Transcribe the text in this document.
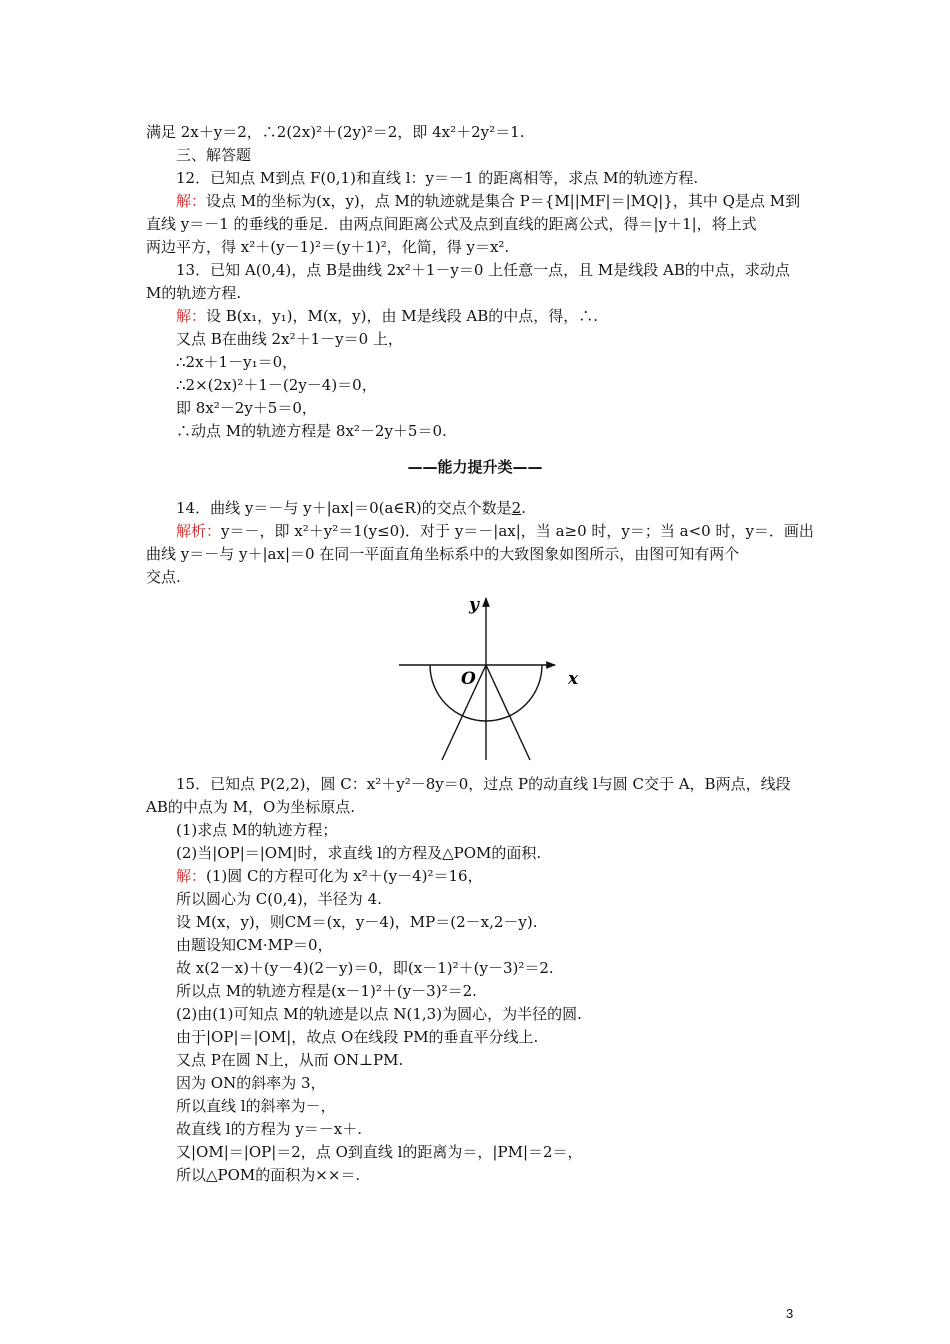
满足 2x＋y＝2，∴2(2x)²＋(2y)²＝2，即 4x²＋2y²＝1.
三、解答题
12．已知点 M到点 F(0,1)和直线 l：y＝－1 的距离相等，求点 M的轨迹方程.
解：设点 M的坐标为(x，y)，点 M的轨迹就是集合 P＝{M||MF|＝|MQ|}，其中 Q是点 M到
直线 y＝－1 的垂线的垂足．由两点间距离公式及点到直线的距离公式，得＝|y＋1|，将上式
两边平方，得 x²＋(y－1)²＝(y＋1)²，化简，得 y＝x².
13．已知 A(0,4)，点 B是曲线 2x²＋1－y＝0 上任意一点，且 M是线段 AB的中点，求动点
M的轨迹方程.
解：设 B(x₁，y₁)，M(x，y)，由 M是线段 AB的中点，得，∴.
又点 B在曲线 2x²＋1－y＝0 上，
∴2x＋1－y₁＝0，
∴2×(2x)²＋1－(2y－4)＝0，
即 8x²－2y＋5＝0，
∴动点 M的轨迹方程是 8x²－2y＋5＝0.
——能力提升类——
14．曲线 y＝－与 y＋|ax|＝0(a∈R)的交点个数是2.
解析：y＝－，即 x²＋y²＝1(y≤0)．对于 y＝－|ax|，当 a≥0 时，y＝；当 a<0 时，y＝．画出
曲线 y＝－与 y＋|ax|＝0 在同一平面直角坐标系中的大致图象如图所示，由图可知有两个
交点.
y
x
O
15．已知点 P(2,2)，圆 C：x²＋y²－8y＝0，过点 P的动直线 l与圆 C交于 A，B两点，线段
AB的中点为 M，O为坐标原点.
(1)求点 M的轨迹方程；
(2)当|OP|＝|OM|时，求直线 l的方程及△POM的面积.
解：(1)圆 C的方程可化为 x²＋(y－4)²＝16，
所以圆心为 C(0,4)，半径为 4.
设 M(x，y)，则CM＝(x，y－4)，MP＝(2－x,2－y).
由题设知CM·MP＝0，
故 x(2－x)＋(y－4)(2－y)＝0，即(x－1)²＋(y－3)²＝2.
所以点 M的轨迹方程是(x－1)²＋(y－3)²＝2.
(2)由(1)可知点 M的轨迹是以点 N(1,3)为圆心，为半径的圆.
由于|OP|＝|OM|，故点 O在线段 PM的垂直平分线上.
又点 P在圆 N上，从而 ON⊥PM.
因为 ON的斜率为 3，
所以直线 l的斜率为－，
故直线 l的方程为 y＝－x＋.
又|OM|＝|OP|＝2，点 O到直线 l的距离为＝，|PM|＝2＝，
所以△POM的面积为××＝.
3
